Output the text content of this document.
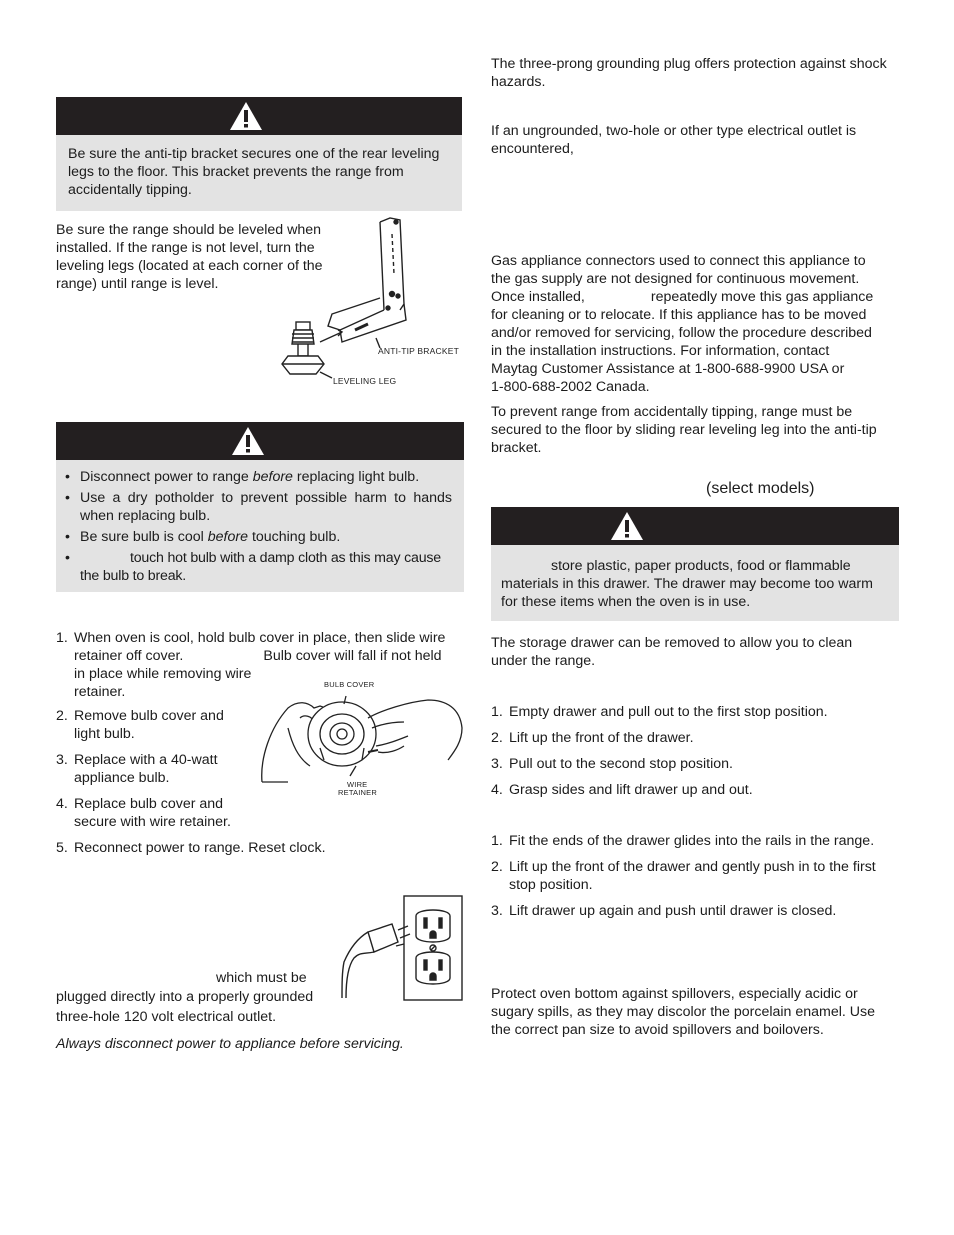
Be sure the anti-tip bracket secures one of the rear leveling legs to the floor. This bracket prevents the range from accidentally tipping.
Be sure the range should be leveled when installed. If the range is not level, turn the leveling legs (located at each corner of the range) until range is level.
ANTI-TIP BRACKET
LEVELING LEG
• Disconnect power to range before replacing light bulb.
• Use a dry potholder to prevent possible harm to hands when replacing bulb.
• Be sure bulb is cool before touching bulb.
• touch hot bulb with a damp cloth as this may cause the bulb to break.
1. When oven is cool, hold bulb cover in place, then slide wire
retainer off cover.	Bulb cover will fall if not held
in place while removing wire
retainer.
2. Remove bulb cover and light bulb.
3. Replace with a 40-watt appliance bulb.
4. Replace bulb cover and secure with wire retainer.
5. Reconnect power to range. Reset clock.
BULB COVER
WIRE
RETAINER
which must be
plugged directly into a properly grounded
three-hole 120 volt electrical outlet.
Always disconnect power to appliance before servicing.
The three-prong grounding plug offers protection against shock hazards.
If an ungrounded, two-hole or other type electrical outlet is encountered,
Gas appliance connectors used to connect this appliance to
the gas supply are not designed for continuous movement.
Once installed,	repeatedly move this gas appliance
for cleaning or to relocate. If this appliance has to be moved
and/or removed for servicing, follow the procedure described
in the installation instructions. For information, contact
Maytag Customer Assistance at 1-800-688-9900 USA or
1-800-688-2002 Canada.
To prevent range from accidentally tipping, range must be secured to the floor by sliding rear leveling leg into the anti-tip bracket.
(select models)
store plastic, paper products, food or flammable materials in this drawer. The drawer may become too warm for these items when the oven is in use.
The storage drawer can be removed to allow you to clean under the range.
1. Empty drawer and pull out to the first stop position.
2. Lift up the front of the drawer.
3. Pull out to the second stop position.
4. Grasp sides and lift drawer up and out.
1. Fit the ends of the drawer glides into the rails in the range.
2. Lift up the front of the drawer and gently push in to the first stop position.
3. Lift drawer up again and push until drawer is closed.
Protect oven bottom against spillovers, especially acidic or sugary spills, as they may discolor the porcelain enamel. Use the correct pan size to avoid spillovers and boilovers.
